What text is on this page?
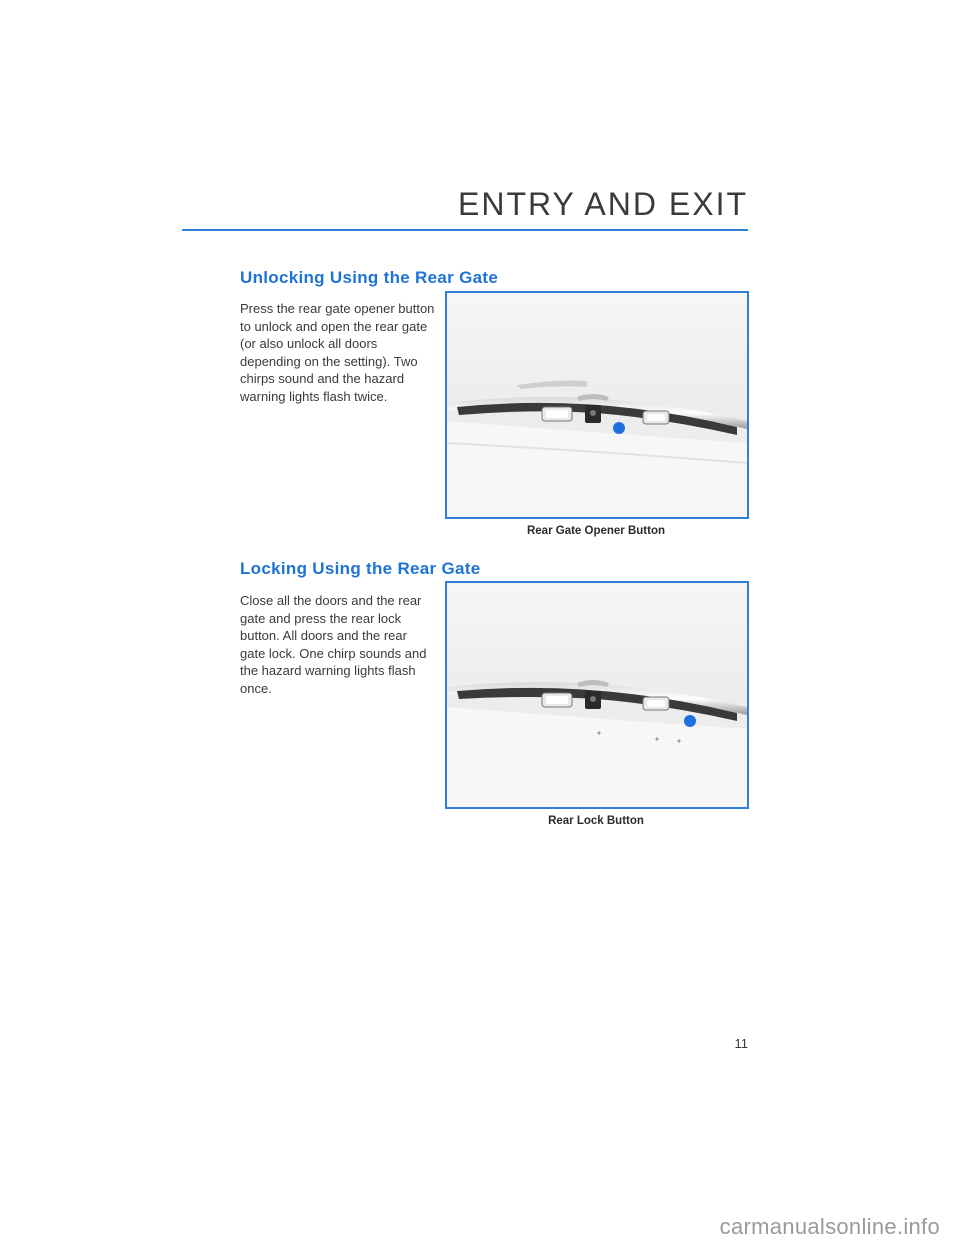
ENTRY AND EXIT
Unlocking Using the Rear Gate
Press the rear gate opener button
to unlock and open the rear gate
(or also unlock all doors
depending on the setting). Two
chirps sound and the hazard
warning lights flash twice.

Rear Gate Opener Button

Locking Using the Rear Gate
Close all the doors and the rear
gate and press the rear lock
button. All doors and the rear
gate lock. One chirp sounds and
the hazard warning lights flash
once.

Rear Lock Button

11

carmanualsonline.info
